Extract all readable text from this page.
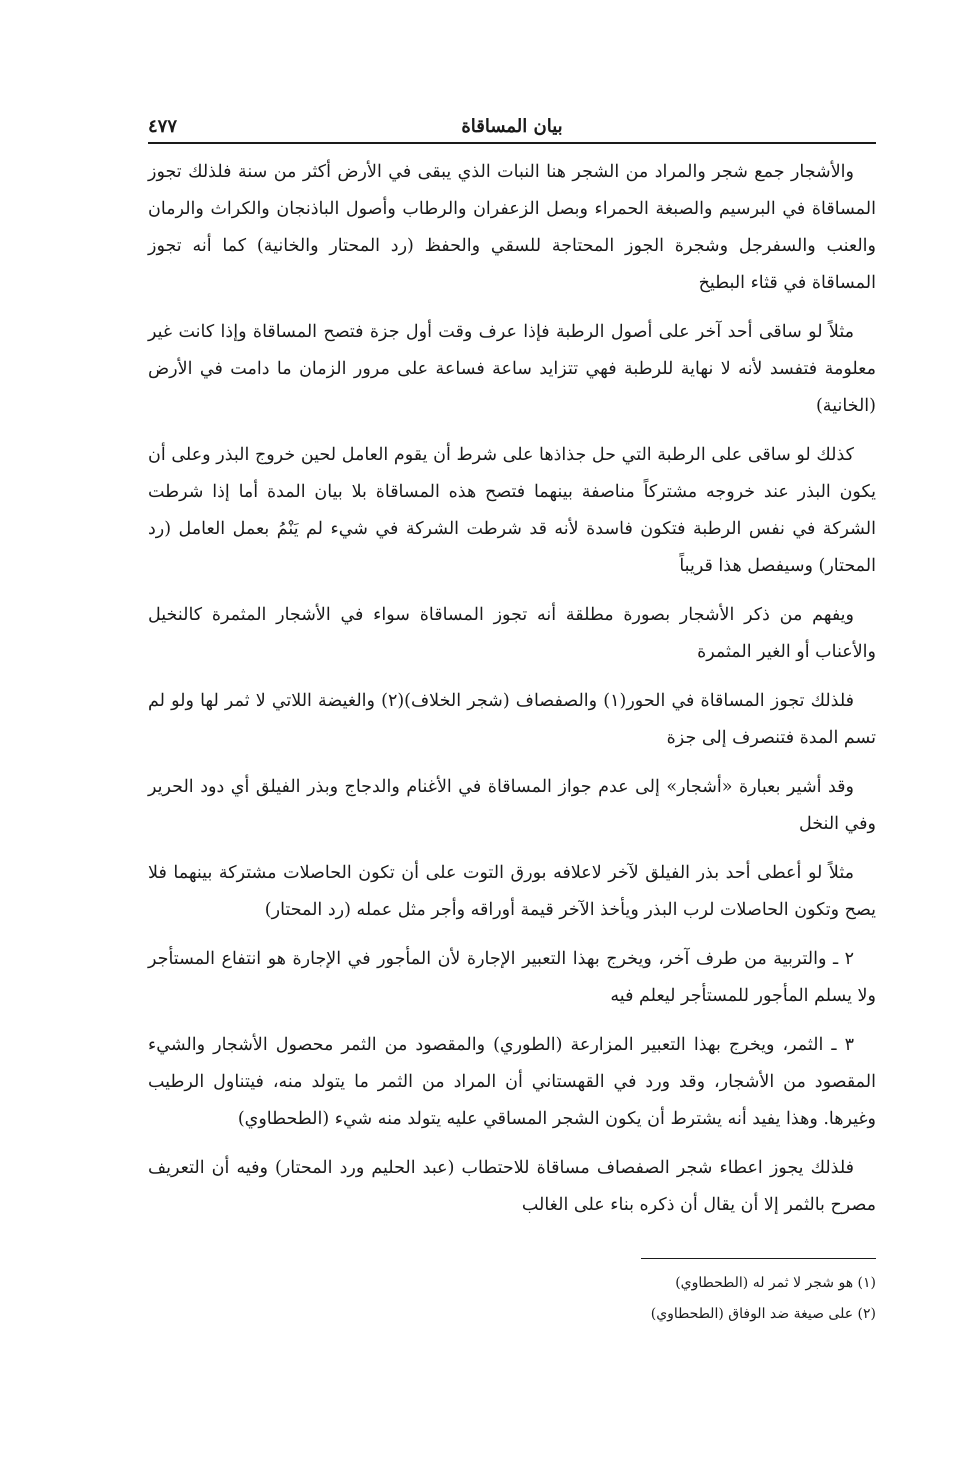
بيان المساقاة
٤٧٧

والأشجار جمع شجر والمراد من الشجر هنا النبات الذي يبقى في الأرض أكثر من سنة فلذلك تجوز المساقاة في البرسيم والصبغة الحمراء وبصل الزعفران والرطاب وأصول الباذنجان والكراث والرمان والعنب والسفرجل وشجرة الجوز المحتاجة للسقي والحفظ (رد المحتار والخانية) كما أنه تجوز المساقاة في قثاء البطيخ

مثلاً لو ساقى أحد آخر على أصول الرطبة فإذا عرف وقت أول جزة فتصح المساقاة وإذا كانت غير معلومة فتفسد لأنه لا نهاية للرطبة فهي تتزايد ساعة فساعة على مرور الزمان ما دامت في الأرض (الخانية)

كذلك لو ساقى على الرطبة التي حل جذاذها على شرط أن يقوم العامل لحين خروج البذر وعلى أن يكون البذر عند خروجه مشتركاً مناصفة بينهما فتصح هذه المساقاة بلا بيان المدة أما إذا شرطت الشركة في نفس الرطبة فتكون فاسدة لأنه قد شرطت الشركة في شيء لم يَنْمُ بعمل العامل (رد المحتار) وسيفصل هذا قريباً

ويفهم من ذكر الأشجار بصورة مطلقة أنه تجوز المساقاة سواء في الأشجار المثمرة كالنخيل والأعناب أو الغير المثمرة

فلذلك تجوز المساقاة في الحور(١) والصفصاف (شجر الخلاف)(٢) والغيضة اللاتي لا ثمر لها ولو لم تسم المدة فتنصرف إلى جزة

وقد أشير بعبارة «أشجار» إلى عدم جواز المساقاة في الأغنام والدجاج وبذر الفيلق أي دود الحرير وفي النخل

مثلاً لو أعطى أحد بذر الفيلق لآخر لاعلافه بورق التوت على أن تكون الحاصلات مشتركة بينهما فلا يصح وتكون الحاصلات لرب البذر ويأخذ الآخر قيمة أوراقه وأجر مثل عمله (رد المحتار)

٢ ـ والتربية من طرف آخر، ويخرج بهذا التعبير الإجارة لأن المأجور في الإجارة هو انتفاع المستأجر ولا يسلم المأجور للمستأجر ليعلم فيه

٣ ـ الثمر، ويخرج بهذا التعبير المزارعة (الطوري) والمقصود من الثمر محصول الأشجار والشيء المقصود من الأشجار، وقد ورد في القهستاني أن المراد من الثمر ما يتولد منه، فيتناول الرطيب وغيرها. وهذا يفيد أنه يشترط أن يكون الشجر المساقي عليه يتولد منه شيء (الطحطاوي)

فلذلك يجوز اعطاء شجر الصفصاف مساقاة للاحتطاب (عبد الحليم ورد المحتار) وفيه أن التعريف مصرح بالثمر إلا أن يقال أن ذكره بناء على الغالب

(١) هو شجر لا ثمر له (الطحطاوي)

(٢) على صيغة ضد الوفاق (الطحطاوي)
